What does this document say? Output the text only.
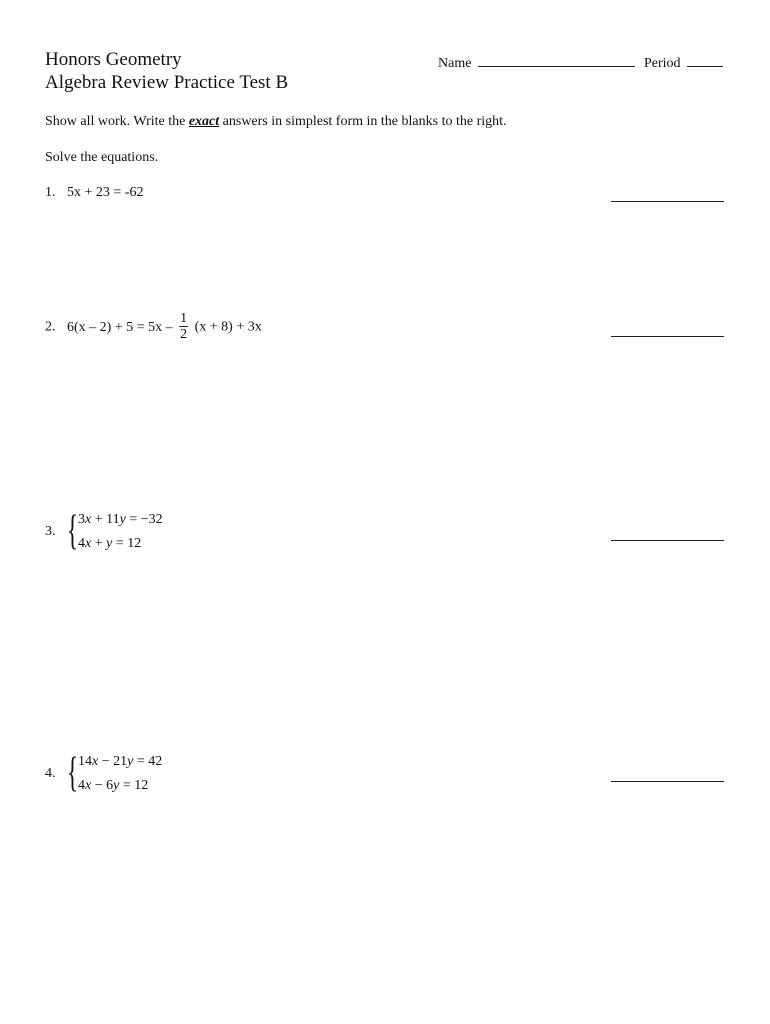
Honors Geometry
Algebra Review Practice Test B
Name	Period
Show all work. Write the exact answers in simplest form in the blanks to the right.
Solve the equations.
1. 5x + 23 = -62
2. $6(x - 2) + 5 = 5x - \frac{1}{2} (x + 8) + 3x$
3. { 3x + 11y = −32
4x + y = 12
4. { 14x − 21y = 42
4x − 6y = 12
